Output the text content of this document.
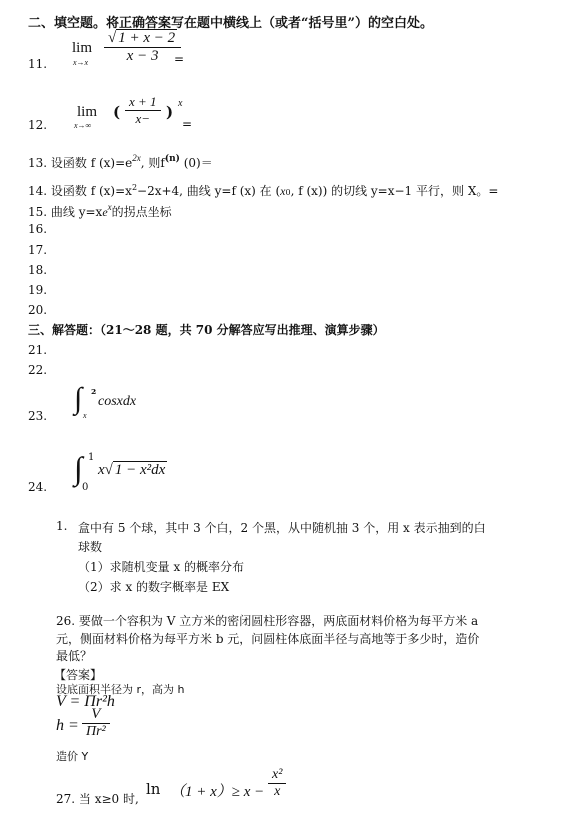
二、填空题。将正确答案写在题中横线上（或者“括号里”）的空白处。
11.
lim
x→x
√ 1 + x − 2
x − 3	=
12.
lim
x→∞
(
x + 1
x− ) x
=
13. 设函数 f $(x)=e^{2x}$, 则$f^{(n)}$ (0)＝
14. 设函数 f $(x)=x^2-2x+4$, 曲线 y=f (x) 在 (x0, f (x)) 的切线 y=x−1 平行，则 X。=
15. 曲线 $y=xe^x$的拐点坐标
16.
17.
18.
19.
20.
三、解答题：（21～28 题，共 70 分解答应写出推理、演算步骤）
21.
22.
23.
∫ ²
x
cosxdx
24.
∫ 1
0
x√ 1 − x²dx
1. 盒中有 5 个球，其中 3 个白，2 个黑，从中随机抽 3 个，用 x 表示抽到的白
球数
（1）求随机变量 x 的概率分布
（2）求 x 的数字概率是 EX
26. 要做一个容积为 V 立方米的密闭圆柱形容器，两底面材料价格为每平方米 a
元，侧面材料价格为每平方米 b 元，问圆柱体底面半径与高地等于多少时，造价
最低？
【答案】
设底面积半径为 r，高为 h
V = Πr²h
h =
V
Πr²
造价 Y
27. 当 x≥0 时,
ln （1 + x）≥ x −
x²
x
